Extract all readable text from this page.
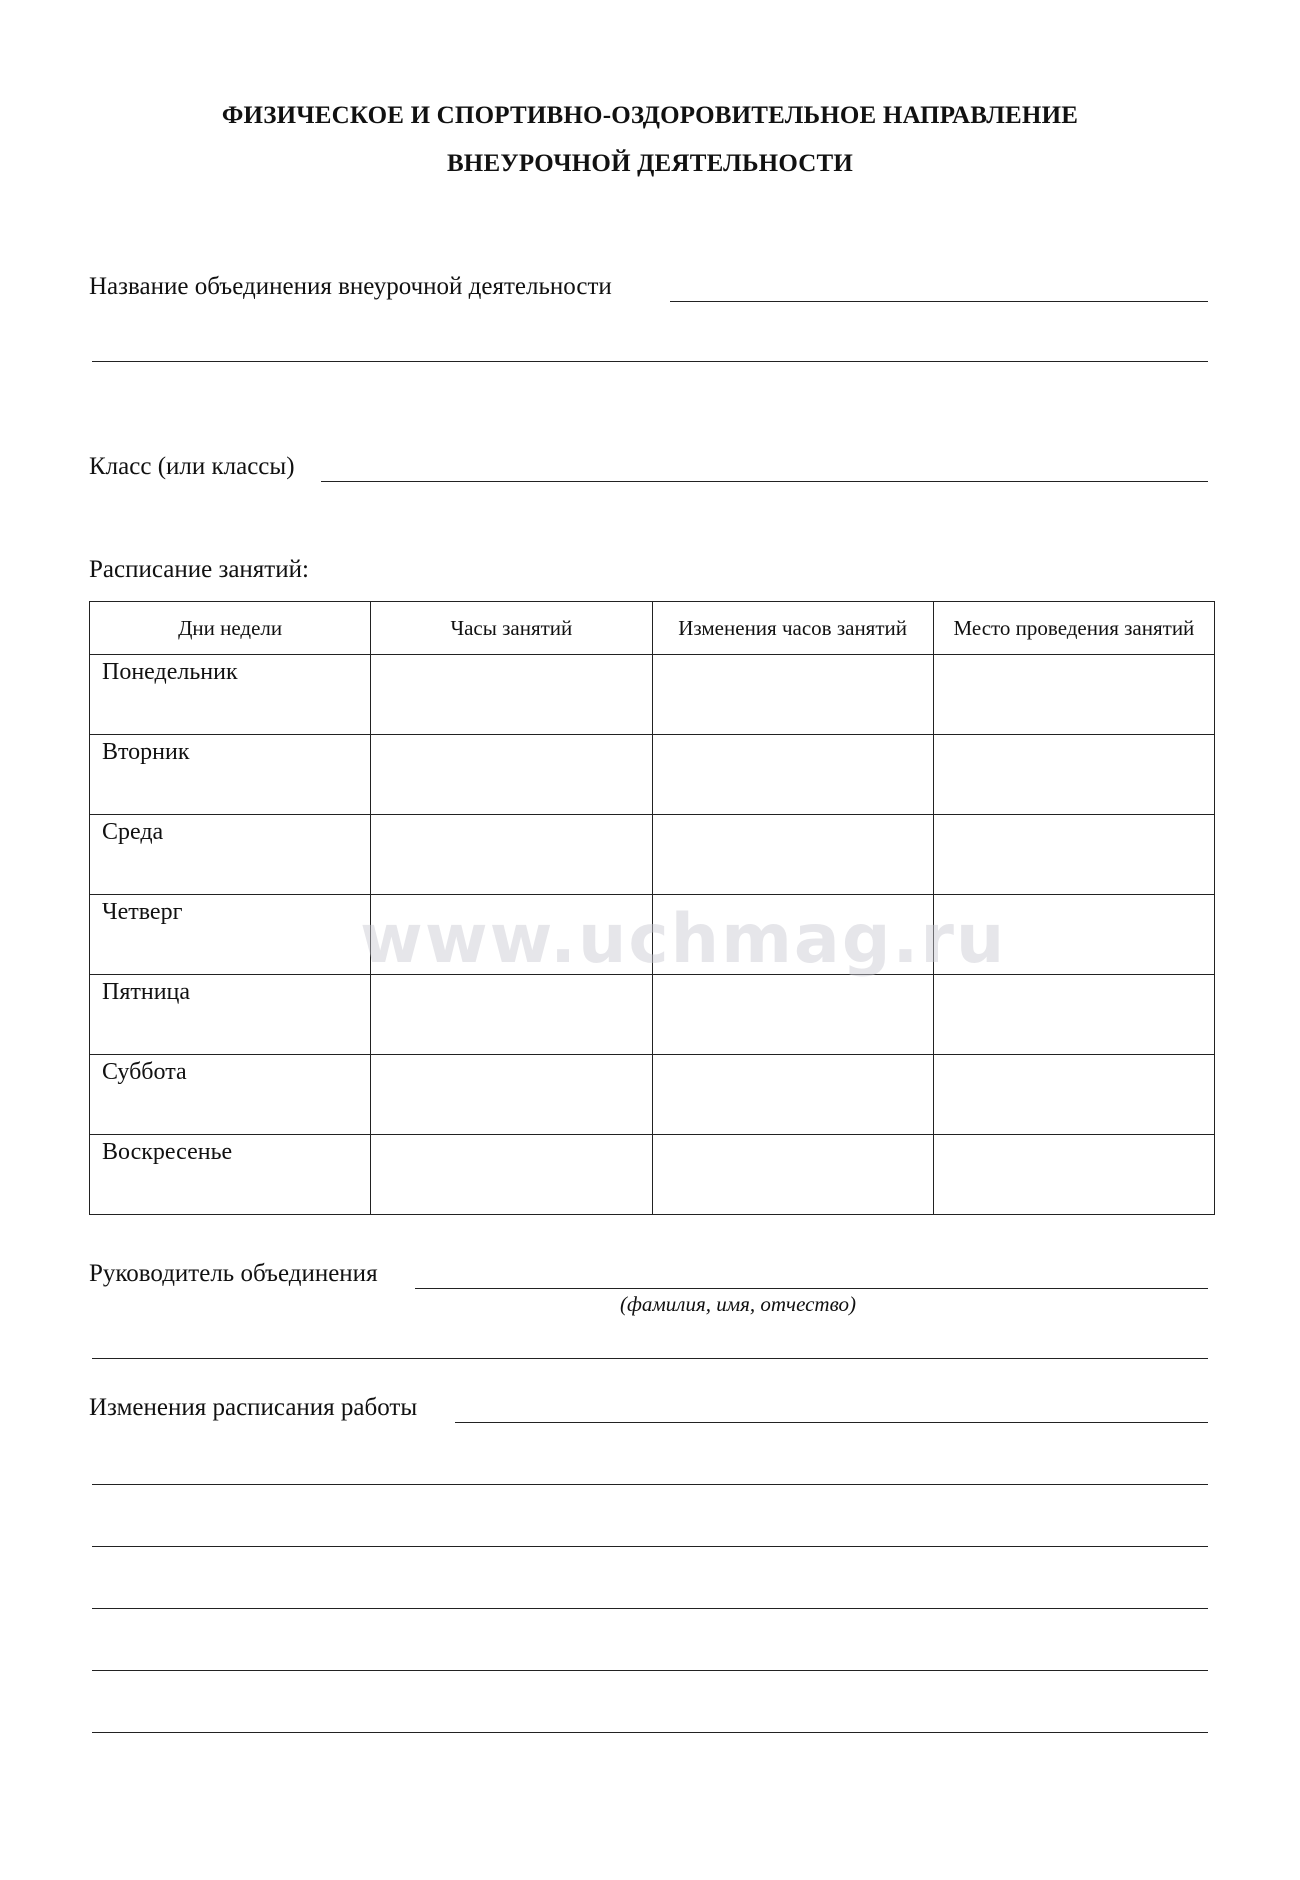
ФИЗИЧЕСКОЕ И СПОРТИВНО-ОЗДОРОВИТЕЛЬНОЕ НАПРАВЛЕНИЕ
ВНЕУРОЧНОЙ ДЕЯТЕЛЬНОСТИ
Название объединения внеурочной деятельности
Класс (или классы)
Расписание занятий:
Дни недели	Часы занятий	Изменения часов занятий	Место проведения занятий
Понедельник			
Вторник			
Среда			
Четверг			
Пятница			
Суббота			
Воскресенье			
www.uchmag.ru
Руководитель объединения
(фамилия, имя, отчество)
Изменения расписания работы
